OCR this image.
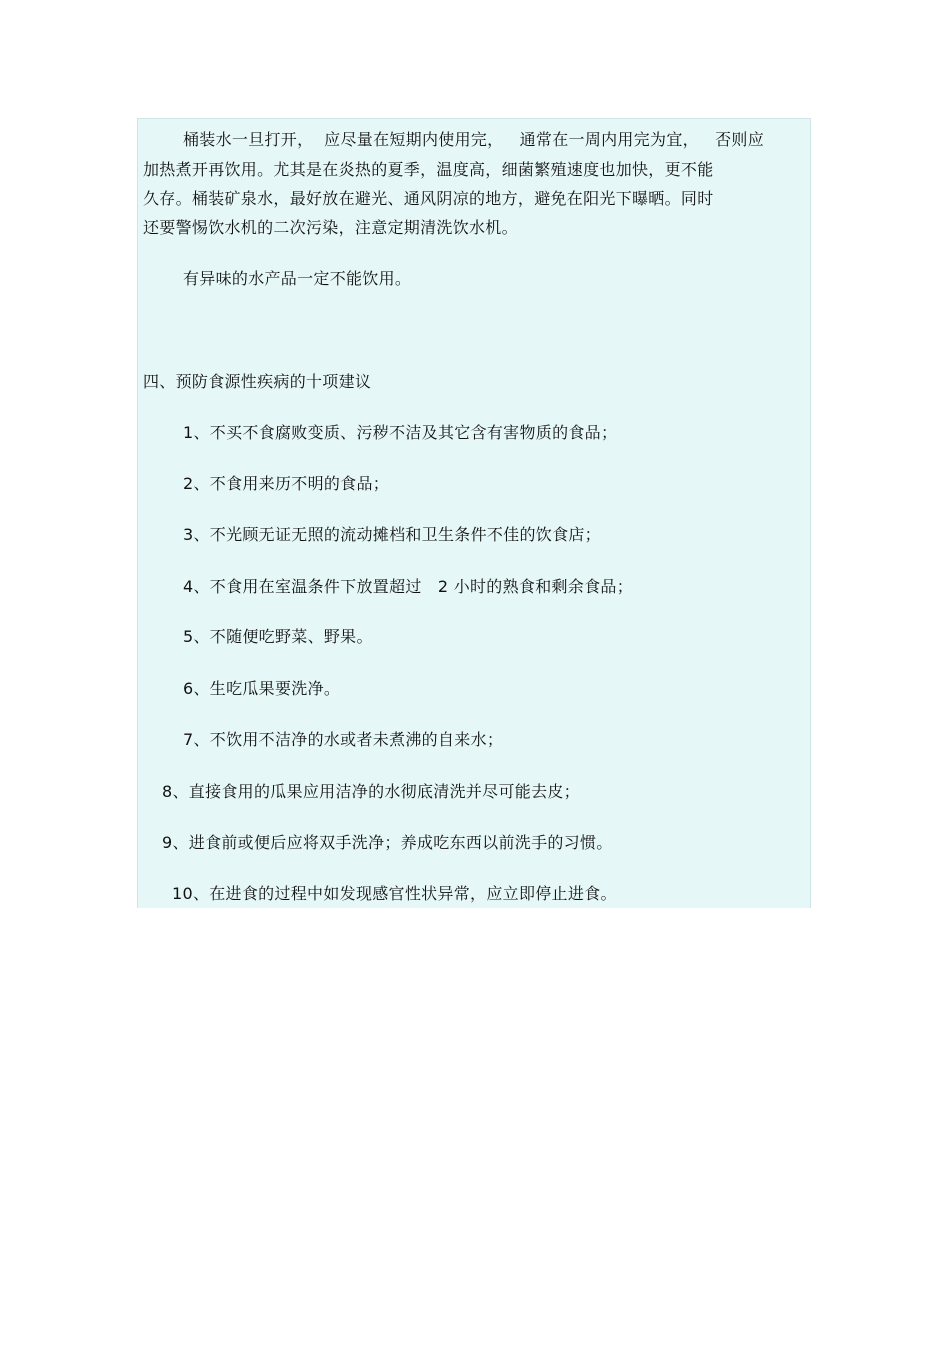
桶装水一旦打开，  应尽量在短期内使用完，   通常在一周内用完为宜，   否则应
加热煮开再饮用。尤其是在炎热的夏季，温度高，细菌繁殖速度也加快，更不能
久存。桶装矿泉水，最好放在避光、通风阴凉的地方，避免在阳光下曝晒。同时
还要警惕饮水机的二次污染，注意定期清洗饮水机。
有异味的水产品一定不能饮用。
四、预防食源性疾病的十项建议
1、不买不食腐败变质、污秽不洁及其它含有害物质的食品；
2、不食用来历不明的食品；
3、不光顾无证无照的流动摊档和卫生条件不佳的饮食店；
4、不食用在室温条件下放置超过   2 小时的熟食和剩余食品；
5、不随便吃野菜、野果。
6、生吃瓜果要洗净。
7、不饮用不洁净的水或者未煮沸的自来水；
8、直接食用的瓜果应用洁净的水彻底清洗并尽可能去皮；
9、进食前或便后应将双手洗净；养成吃东西以前洗手的习惯。
10、在进食的过程中如发现感官性状异常，应立即停止进食。
